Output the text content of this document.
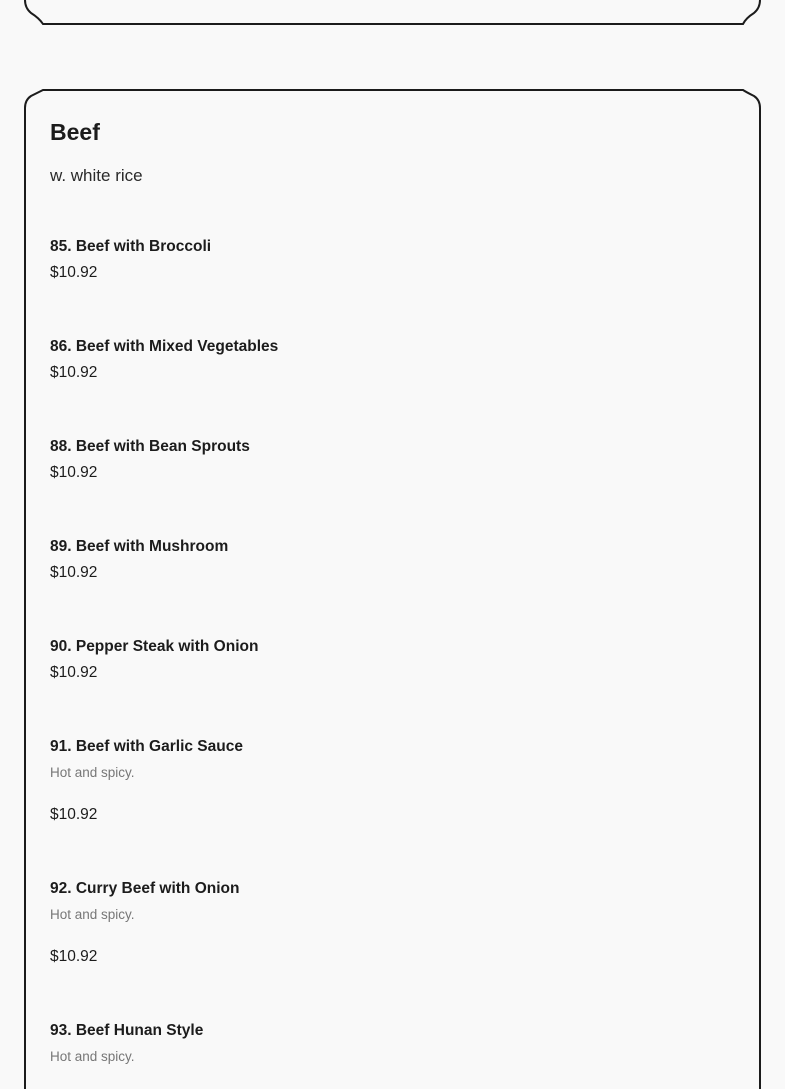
Beef

w. white rice

85. Beef with Broccoli
$10.92
86. Beef with Mixed Vegetables
$10.92
88. Beef with Bean Sprouts
$10.92
89. Beef with Mushroom
$10.92
90. Pepper Steak with Onion
$10.92
91. Beef with Garlic Sauce
Hot and spicy.
$10.92
92. Curry Beef with Onion
Hot and spicy.
$10.92
93. Beef Hunan Style
Hot and spicy.
